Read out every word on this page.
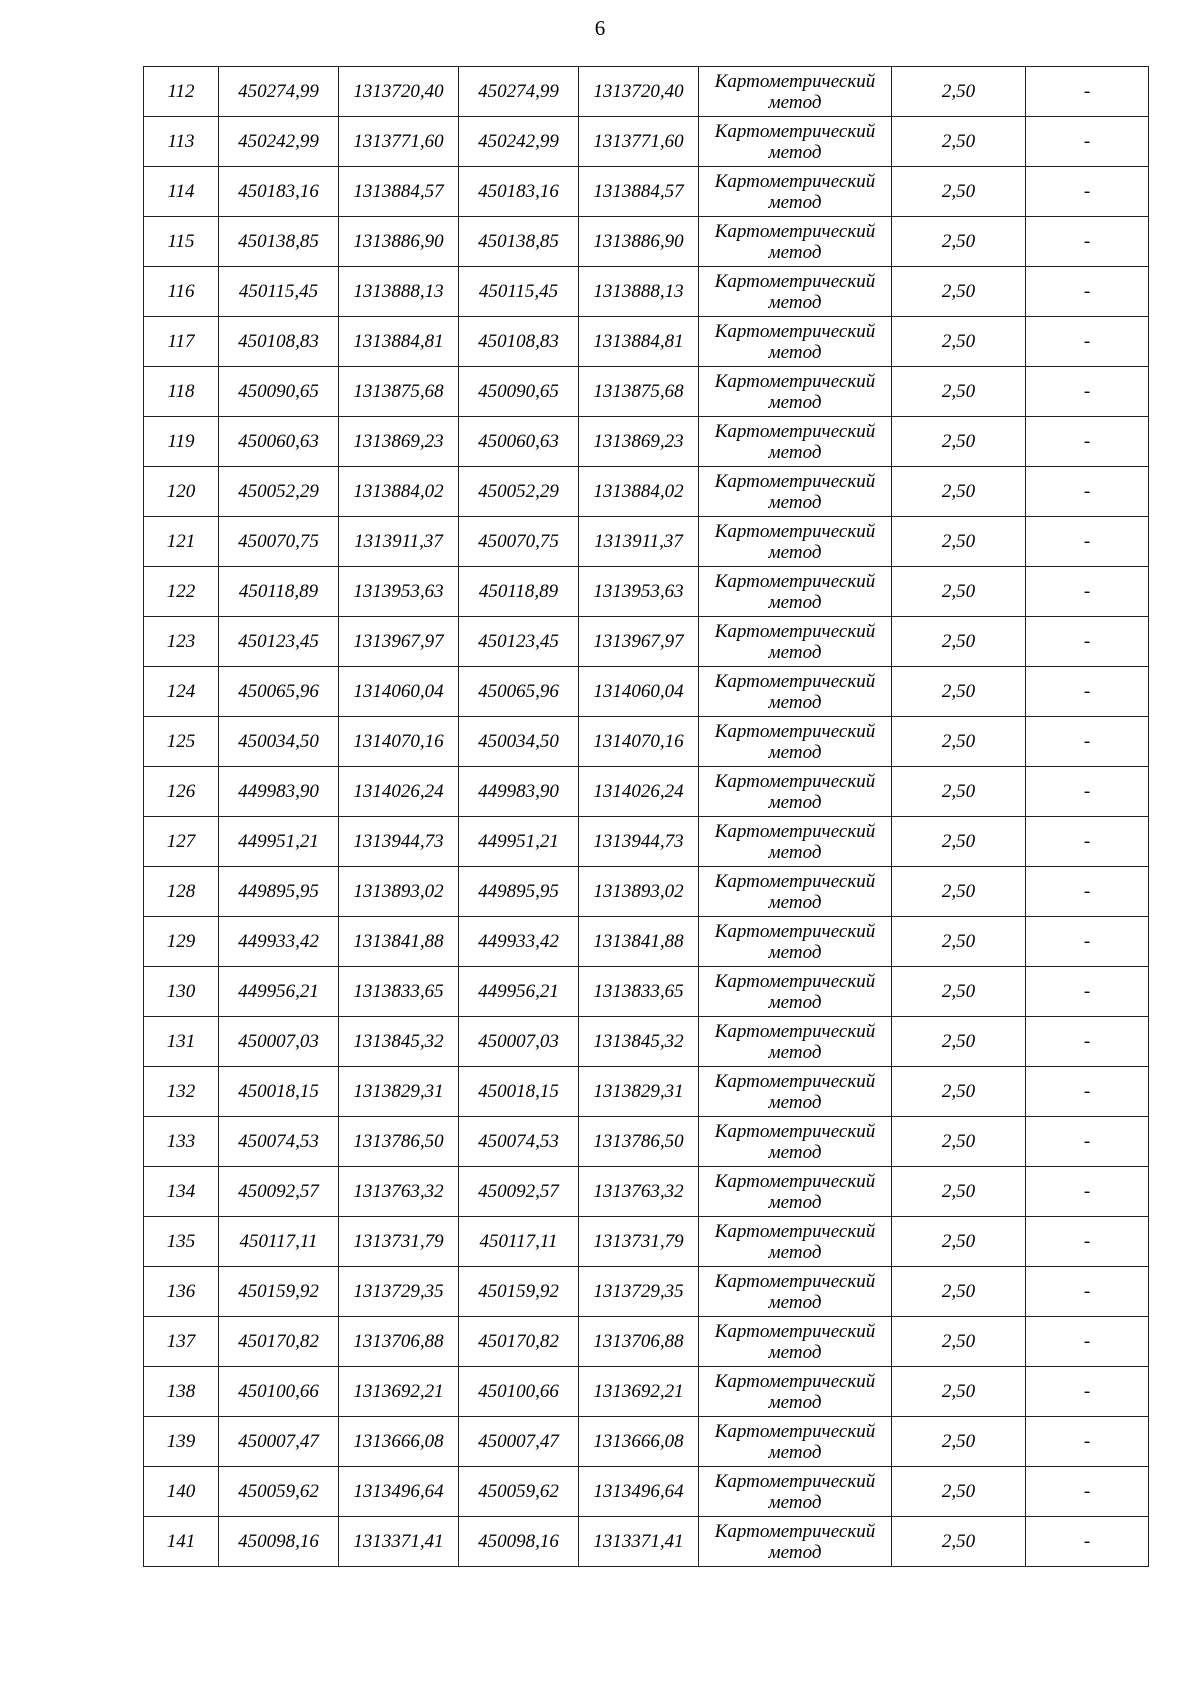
6
112	450274,99	1313720,40	450274,99	1313720,40	Картометрический метод	2,50	-
113	450242,99	1313771,60	450242,99	1313771,60	Картометрический метод	2,50	-
114	450183,16	1313884,57	450183,16	1313884,57	Картометрический метод	2,50	-
115	450138,85	1313886,90	450138,85	1313886,90	Картометрический метод	2,50	-
116	450115,45	1313888,13	450115,45	1313888,13	Картометрический метод	2,50	-
117	450108,83	1313884,81	450108,83	1313884,81	Картометрический метод	2,50	-
118	450090,65	1313875,68	450090,65	1313875,68	Картометрический метод	2,50	-
119	450060,63	1313869,23	450060,63	1313869,23	Картометрический метод	2,50	-
120	450052,29	1313884,02	450052,29	1313884,02	Картометрический метод	2,50	-
121	450070,75	1313911,37	450070,75	1313911,37	Картометрический метод	2,50	-
122	450118,89	1313953,63	450118,89	1313953,63	Картометрический метод	2,50	-
123	450123,45	1313967,97	450123,45	1313967,97	Картометрический метод	2,50	-
124	450065,96	1314060,04	450065,96	1314060,04	Картометрический метод	2,50	-
125	450034,50	1314070,16	450034,50	1314070,16	Картометрический метод	2,50	-
126	449983,90	1314026,24	449983,90	1314026,24	Картометрический метод	2,50	-
127	449951,21	1313944,73	449951,21	1313944,73	Картометрический метод	2,50	-
128	449895,95	1313893,02	449895,95	1313893,02	Картометрический метод	2,50	-
129	449933,42	1313841,88	449933,42	1313841,88	Картометрический метод	2,50	-
130	449956,21	1313833,65	449956,21	1313833,65	Картометрический метод	2,50	-
131	450007,03	1313845,32	450007,03	1313845,32	Картометрический метод	2,50	-
132	450018,15	1313829,31	450018,15	1313829,31	Картометрический метод	2,50	-
133	450074,53	1313786,50	450074,53	1313786,50	Картометрический метод	2,50	-
134	450092,57	1313763,32	450092,57	1313763,32	Картометрический метод	2,50	-
135	450117,11	1313731,79	450117,11	1313731,79	Картометрический метод	2,50	-
136	450159,92	1313729,35	450159,92	1313729,35	Картометрический метод	2,50	-
137	450170,82	1313706,88	450170,82	1313706,88	Картометрический метод	2,50	-
138	450100,66	1313692,21	450100,66	1313692,21	Картометрический метод	2,50	-
139	450007,47	1313666,08	450007,47	1313666,08	Картометрический метод	2,50	-
140	450059,62	1313496,64	450059,62	1313496,64	Картометрический метод	2,50	-
141	450098,16	1313371,41	450098,16	1313371,41	Картометрический метод	2,50	-
